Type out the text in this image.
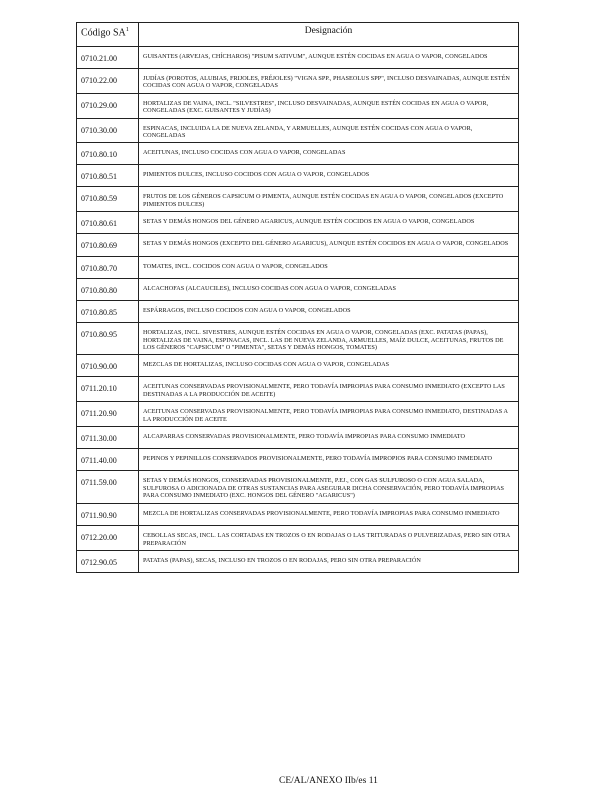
Código $SA^1$	Designación
0710.21.00	GUISANTES (ARVEJAS, CHÍCHAROS) "PISUM SATIVUM", AUNQUE ESTÉN COCIDAS EN AGUA O VAPOR, CONGELADOS
0710.22.00	JUDÍAS (POROTOS, ALUBIAS, FRIJOLES, FRÉJOLES) "VIGNA SPP., PHASEOLUS SPP", INCLUSO DESVAINADAS, AUNQUE ESTÉN COCIDAS CON AGUA O VAPOR, CONGELADAS
0710.29.00	HORTALIZAS DE VAINA, INCL. "SILVESTRES", INCLUSO DESVAINADAS, AUNQUE ESTÉN COCIDAS EN AGUA O VAPOR, CONGELADAS (EXC. GUISANTES Y JUDÍAS)
0710.30.00	ESPINACAS, INCLUIDA LA DE NUEVA ZELANDA, Y ARMUELLES, AUNQUE ESTÉN COCIDAS CON AGUA O VAPOR, CONGELADAS
0710.80.10	ACEITUNAS, INCLUSO COCIDAS CON AGUA O VAPOR, CONGELADAS
0710.80.51	PIMIENTOS DULCES, INCLUSO COCIDOS CON AGUA O VAPOR, CONGELADOS
0710.80.59	FRUTOS DE LOS GÉNEROS CAPSICUM O PIMENTA, AUNQUE ESTÉN COCIDAS EN AGUA O VAPOR, CONGELADOS (EXCEPTO PIMIENTOS DULCES)
0710.80.61	SETAS Y DEMÁS HONGOS DEL GÉNERO AGARICUS, AUNQUE ESTÉN COCIDOS EN AGUA O VAPOR, CONGELADOS
0710.80.69	SETAS Y DEMÁS HONGOS (EXCEPTO DEL GÉNERO AGARICUS), AUNQUE ESTÉN COCIDOS EN AGUA O VAPOR, CONGELADOS
0710.80.70	TOMATES, INCL. COCIDOS CON AGUA O VAPOR, CONGELADOS
0710.80.80	ALCACHOFAS (ALCAUCILES), INCLUSO COCIDAS CON AGUA O VAPOR, CONGELADAS
0710.80.85	ESPÁRRAGOS, INCLUSO COCIDOS CON AGUA O VAPOR, CONGELADOS
0710.80.95	HORTALIZAS, INCL. SIVESTRES, AUNQUE ESTÉN COCIDAS EN AGUA O VAPOR, CONGELADAS (EXC. PATATAS (PAPAS), HORTALIZAS DE VAINA, ESPINACAS, INCL. LAS DE NUEVA ZELANDA, ARMUELLES, MAÍZ DULCE, ACEITUNAS, FRUTOS DE LOS GÉNEROS "CAPSICUM" O "PIMENTA", SETAS Y DEMÁS HONGOS, TOMATES)
0710.90.00	MEZCLAS DE HORTALIZAS, INCLUSO COCIDAS CON AGUA O VAPOR, CONGELADAS
0711.20.10	ACEITUNAS CONSERVADAS PROVISIONALMENTE, PERO TODAVÍA IMPROPIAS PARA CONSUMO INMEDIATO (EXCEPTO LAS DESTINADAS A LA PRODUCCIÓN DE ACEITE)
0711.20.90	ACEITUNAS CONSERVADAS PROVISIONALMENTE, PERO TODAVÍA IMPROPIAS PARA CONSUMO INMEDIATO, DESTINADAS A LA PRODUCCIÓN DE ACEITE
0711.30.00	ALCAPARRAS CONSERVADAS PROVISIONALMENTE, PERO TODAVÍA IMPROPIAS PARA CONSUMO INMEDIATO
0711.40.00	PEPINOS Y PEPINILLOS CONSERVADOS PROVISIONALMENTE, PERO TODAVÍA IMPROPIOS PARA CONSUMO INMEDIATO
0711.59.00	SETAS Y DEMÁS HONGOS, CONSERVADAS PROVISIONALMENTE, P.EJ., CON GAS SULFUROSO O CON AGUA SALADA, SULFUROSA O ADICIONADA DE OTRAS SUSTANCIAS PARA ASEGURAR DICHA CONSERVACIÓN, PERO TODAVÍA IMPROPIAS PARA CONSUMO INMEDIATO (EXC. HONGOS DEL GÉNERO "AGARICUS")
0711.90.90	MEZCLA DE HORTALIZAS CONSERVADAS PROVISIONALMENTE, PERO TODAVÍA IMPROPIAS PARA CONSUMO INMEDIATO
0712.20.00	CEBOLLAS SECAS, INCL. LAS CORTADAS EN TROZOS O EN RODAJAS O LAS TRITURADAS O PULVERIZADAS, PERO SIN OTRA PREPARACIÓN
0712.90.05	PATATAS (PAPAS), SECAS, INCLUSO EN TROZOS O EN RODAJAS, PERO SIN OTRA PREPARACIÓN
CE/AL/ANEXO IIb/es 11
